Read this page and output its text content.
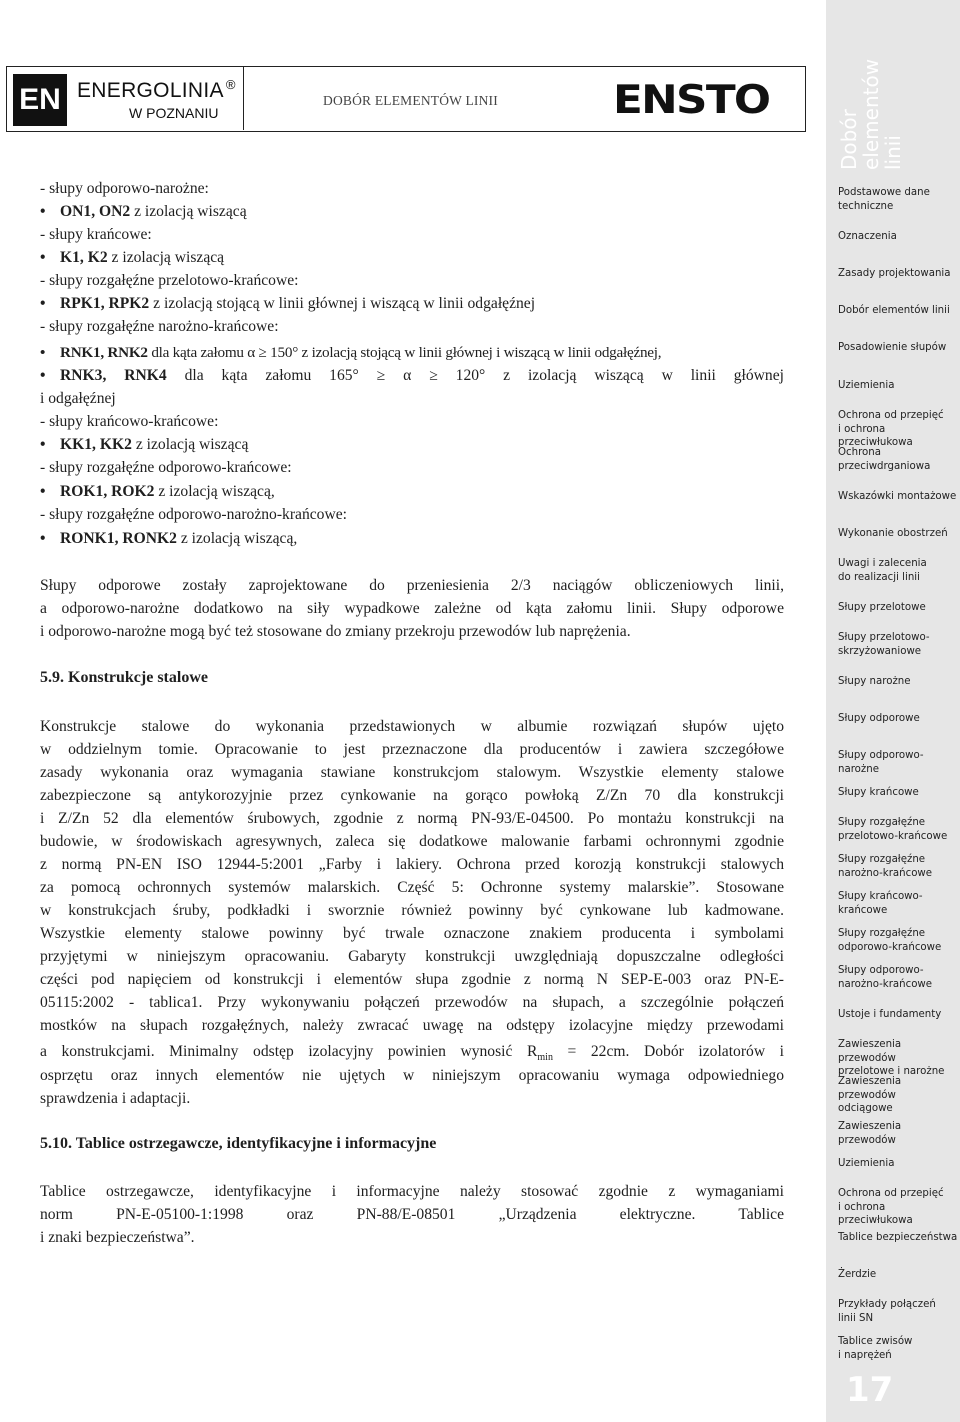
EN ENERGOLINIA ®
W POZNANIU
DOBÓR ELEMENTÓW LINII	ENSTO
- słupy odporowo-narożne:
• ON1, ON2 z izolacją wiszącą
- słupy krańcowe:
• K1, K2 z izolacją wiszącą
- słupy rozgałęźne przelotowo-krańcowe:
• RPK1, RPK2 z izolacją stojącą w linii głównej i wiszącą w linii odgałęźnej
- słupy rozgałęźne narożno-krańcowe:
• RNK1, RNK2 dla kąta załomu α ≥ 150° z izolacją stojącą w linii głównej i wiszącą w linii odgałęźnej,
• RNK3, RNK4 dla kąta załomu 165° ≥ α ≥ 120° z izolacją wiszącą w linii głównej
i odgałęźnej
- słupy krańcowo-krańcowe:
• KK1, KK2 z izolacją wiszącą
- słupy rozgałęźne odporowo-krańcowe:
• ROK1, ROK2 z izolacją wiszącą,
- słupy rozgałęźne odporowo-narożno-krańcowe:
• RONK1, RONK2 z izolacją wiszącą,
Słupy odporowe zostały zaprojektowane do przeniesienia 2/3 naciągów obliczeniowych linii,
a odporowo-narożne dodatkowo na siły wypadkowe zależne od kąta załomu linii. Słupy odporowe
i odporowo-narożne mogą być też stosowane do zmiany przekroju przewodów lub naprężenia.
5.9. Konstrukcje stalowe
Konstrukcje stalowe do wykonania przedstawionych w albumie rozwiązań słupów ujęto
w oddzielnym tomie. Opracowanie to jest przeznaczone dla producentów i zawiera szczegółowe
zasady wykonania oraz wymagania stawiane konstrukcjom stalowym. Wszystkie elementy stalowe
zabezpieczone są antykorozyjnie przez cynkowanie na gorąco powłoką Z/Zn 70 dla konstrukcji
i Z/Zn 52 dla elementów śrubowych, zgodnie z normą PN-93/E-04500. Po montażu konstrukcji na
budowie, w środowiskach agresywnych, zaleca się dodatkowe malowanie farbami ochronnymi zgodnie
z normą PN-EN ISO 12944-5:2001 „Farby i lakiery. Ochrona przed korozją konstrukcji stalowych
za pomocą ochronnych systemów malarskich. Część 5: Ochronne systemy malarskie”. Stosowane
w konstrukcjach śruby, podkładki i sworznie również powinny być cynkowane lub kadmowane.
Wszystkie elementy stalowe powinny być trwale oznaczone znakiem producenta i symbolami
przyjętymi w niniejszym opracowaniu. Gabaryty konstrukcji uwzględniają dopuszczalne odległości
części pod napięciem od konstrukcji i elementów słupa zgodnie z normą N SEP-E-003 oraz PN-E-
05115:2002 - tablica1. Przy wykonywaniu połączeń przewodów na słupach, a szczególnie połączeń
mostków na słupach rozgałęźnych, należy zwracać uwagę na odstępy izolacyjne między przewodami
a konstrukcjami. Minimalny odstęp izolacyjny powinien wynosić $R_{min} = 22cm$. Dobór izolatorów i
osprzętu oraz innych elementów nie ujętych w niniejszym opracowaniu wymaga odpowiedniego
sprawdzenia i adaptacji.
5.10. Tablice ostrzegawcze, identyfikacyjne i informacyjne
Tablice ostrzegawcze, identyfikacyjne i informacyjne należy stosować zgodnie z wymaganiami
norm PN-E-05100-1:1998 oraz PN-88/E-08501 „Urządzenia elektryczne. Tablice
i znaki bezpieczeństwa”.
Dobór elementów linii
Podstawowe dane
techniczne
Oznaczenia
Zasady projektowania
Dobór elementów linii
Posadowienie słupów
Uziemienia
Ochrona od przepięć
i ochrona przeciwłukowa
Ochrona
przeciwdrganiowa
Wskazówki montażowe
Wykonanie obostrzeń
Uwagi i zalecenia
do realizacji linii
Słupy przelotowe
Słupy przelotowo-
skrzyżowaniowe
Słupy narożne
Słupy odporowe
Słupy odporowo-narożne
Słupy krańcowe
Słupy rozgałęźne
przelotowo-krańcowe
Słupy rozgałęźne
narożno-krańcowe
Słupy krańcowo-
krańcowe
Słupy rozgałęźne
odporowo-krańcowe
Słupy odporowo-
narożno-krańcowe
Ustoje i fundamenty
Zawieszenia przewodów
przelotowe i narożne
Zawieszenia przewodów
odciągowe
Zawieszenia przewodów
Uziemienia
Ochrona od przepięć
i ochrona przeciwłukowa
Tablice bezpieczeństwa
Żerdzie
Przykłady połączeń
linii SN
Tablice zwisów
i naprężeń
17
